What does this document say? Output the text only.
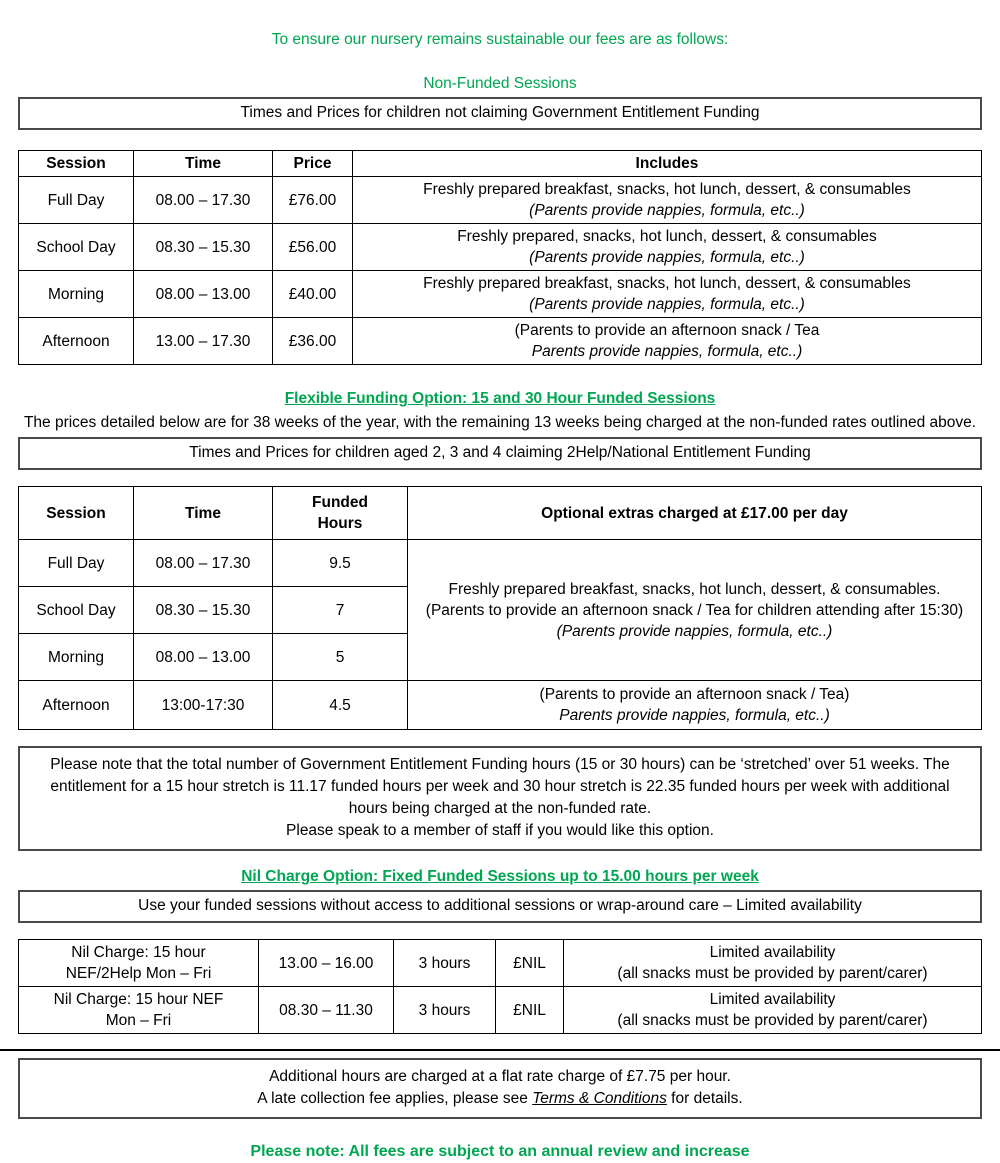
To ensure our nursery remains sustainable our fees are as follows:
Non-Funded Sessions
Times and Prices for children not claiming Government Entitlement Funding
Session	Time	Price	Includes
Full Day	08.00 – 17.30	£76.00	Freshly prepared breakfast, snacks, hot lunch, dessert, & consumables
(Parents provide nappies, formula, etc..)

School Day	08.30 – 15.30	£56.00	Freshly prepared, snacks, hot lunch, dessert, & consumables
(Parents provide nappies, formula, etc..)

Morning	08.00 – 13.00	£40.00	Freshly prepared breakfast, snacks, hot lunch, dessert, & consumables
(Parents provide nappies, formula, etc..)

Afternoon	13.00 – 17.30	£36.00	(Parents to provide an afternoon snack / Tea
Parents provide nappies, formula, etc..)
Flexible Funding Option: 15 and 30 Hour Funded Sessions
The prices detailed below are for 38 weeks of the year, with the remaining 13 weeks being charged at the non-funded rates outlined above.
Times and Prices for children aged 2, 3 and 4 claiming 2Help/National Entitlement Funding
Session	Time	Funded
Hours	Optional extras charged at £17.00 per day
Full Day	08.00 – 17.30	9.5	Freshly prepared breakfast, snacks, hot lunch, dessert, & consumables.
(Parents to provide an afternoon snack / Tea for children attending after 15:30)
(Parents provide nappies, formula, etc..)

School Day	08.30 – 15.30	7	
Morning	08.00 – 13.00	5	
Afternoon	13:00-17:30	4.5	(Parents to provide an afternoon snack / Tea)
Parents provide nappies, formula, etc..)
Please note that the total number of Government Entitlement Funding hours (15 or 30 hours) can be ‘stretched’ over 51 weeks. The entitlement for a 15 hour stretch is 11.17 funded hours per week and 30 hour stretch is 22.35 funded hours per week with additional hours being charged at the non-funded rate.
Please speak to a member of staff if you would like this option.
Nil Charge Option: Fixed Funded Sessions up to 15.00 hours per week
Use your funded sessions without access to additional sessions or wrap-around care – Limited availability
Nil Charge: 15 hour
NEF/2Help Mon – Fri
	13.00 – 16.00	3 hours	£NIL	
Limited availability
(all snacks must be provided by parent/carer)

Nil Charge: 15 hour NEF
Mon – Fri
	08.30 – 11.30	3 hours	£NIL	
Limited availability
(all snacks must be provided by parent/carer)
Additional hours are charged at a flat rate charge of £7.75 per hour.
A late collection fee applies, please see Terms & Conditions for details.
Please note: All fees are subject to an annual review and increase
